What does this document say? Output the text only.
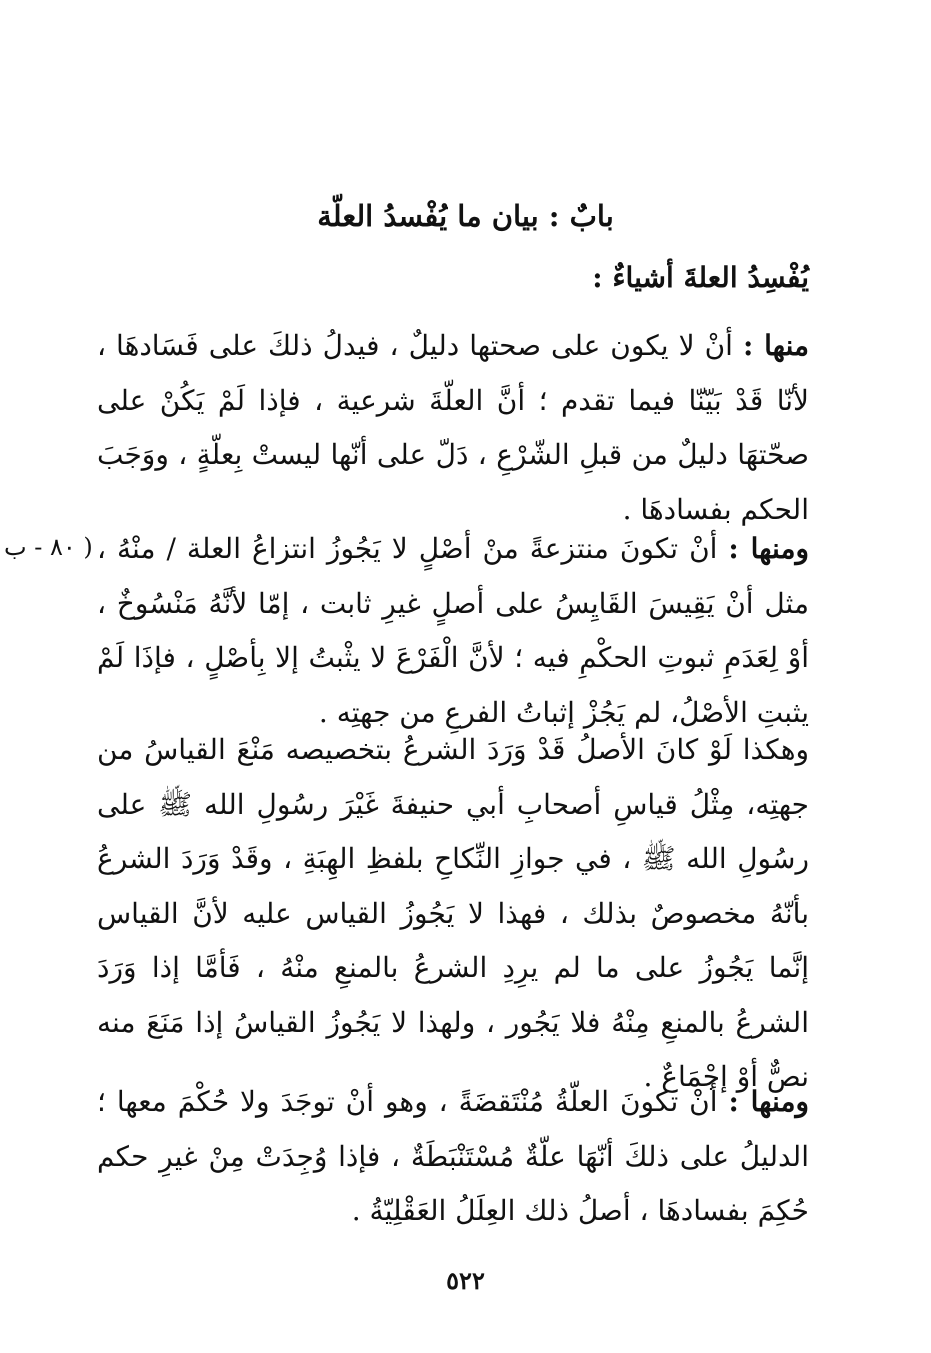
بابٌ : بيان ما يُفْسدُ العلّة
يُفْسِدُ العلةَ أشياءٌ :
منها : أنْ لا يكون على صحتها دليلٌ ، فيدلُ ذلكَ على فَسَادهَا ، لأنّا قَدْ بَيّنّا فيما تقدم ؛ أنَّ العلّةَ شرعية ، فإذا لَمْ يَكُنْ على صحّتهَا دليلٌ من قبلِ الشّرْعِ ، دَلّ على أنّها ليستْ بِعلّةٍ ، ووَجَبَ الحكم بفسادهَا .
( ٨٠ - ب	ومنها : أنْ تكونَ منتزعةً منْ أصْلٍ لا يَجُوزُ انتزاعُ العلة / منْهُ ، مثل أنْ يَقِيسَ القَايِسُ على أصلٍ غيرِ ثابت ، إمّا لأنَّهُ مَنْسُوخٌ ، أوْ لِعَدَمِ ثبوتِ الحكْمِ فيه ؛ لأنَّ الْفَرْعَ لا يثْبتُ إلا بِأصْلٍ ، فإذَا لَمْ يثبتِ الأصْلُ، لم يَجُزْ إثباتُ الفرعِ من جهتِه .
وهكذا لَوْ كانَ الأصلُ قَدْ وَرَدَ الشرعُ بتخصيصه مَنْعَ القياسُ من جهتِه، مِثْلُ قياسِ أصحابِ أبي حنيفةَ غَيْرَ رسُولِ الله ﷺ على رسُولِ الله ﷺ ، في جوازِ النِّكاحِ بلفظِ الهِبَةِ ، وقَدْ وَرَدَ الشرعُ بأنّهُ مخصوصٌ بذلك ، فهذا لا يَجُوزُ القياس عليه لأنَّ القياس إنَّما يَجُوزُ على ما لم يرِدِ الشرعُ بالمنعِ منْهُ ، فَأمَّا إذا وَرَدَ الشرعُ بالمنعِ مِنْهُ فلا يَجُور ، ولهذا لا يَجُوزُ القياسُ إذا مَنَعَ منه نصٌّ أوْ إجْمَاعٌ .
ومنها : أنْ تكونَ العلّةُ مُنْتَقضَةً ، وهو أنْ توجَدَ ولا حُكْمَ معها ؛ الدليلُ على ذلكَ أنّهَا علّةٌ مُسْتَنْبَطَةٌ ، فإذا وُجِدَتْ مِنْ غيرِ حكم حُكِمَ بفسادهَا ، أصلُ ذلك العِلَلُ العَقْلِيّةُ .
٥٢٢
